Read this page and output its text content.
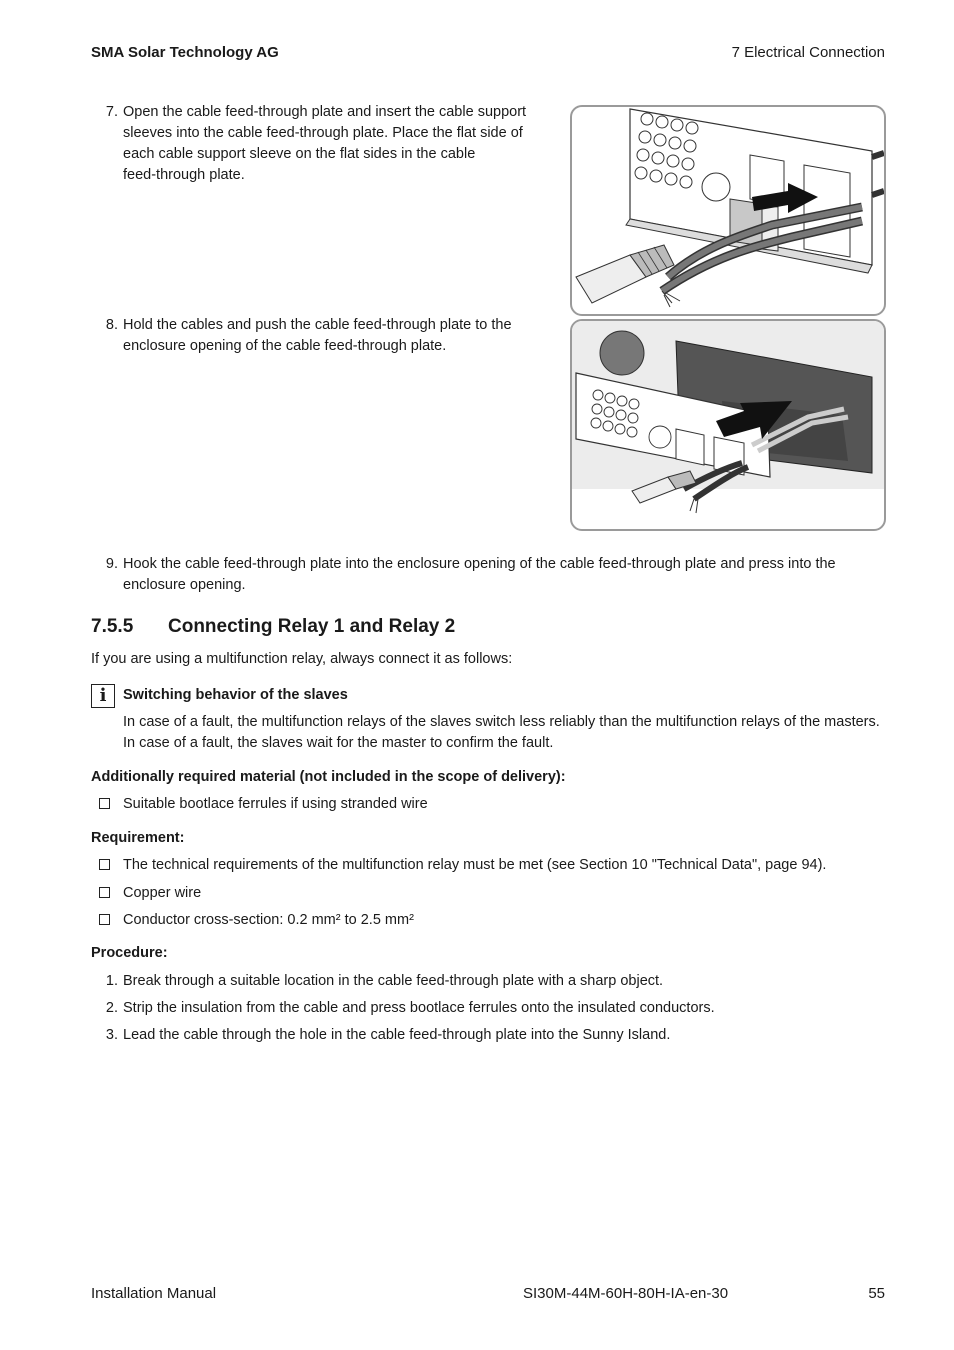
SMA Solar Technology AG	7 Electrical Connection
7. Open the cable feed-through plate and insert the cable support
sleeves into the cable feed-through plate. Place the flat side of
each cable support sleeve on the flat sides in the cable
feed-through plate.
8. Hold the cables and push the cable feed-through plate to the
enclosure opening of the cable feed-through plate.
9. Hook the cable feed-through plate into the enclosure opening of the cable feed-through plate and press into the
enclosure opening.
7.5.5 Connecting Relay 1 and Relay 2
If you are using a multifunction relay, always connect it as follows:
i	Switching behavior of the slaves
In case of a fault, the multifunction relays of the slaves switch less reliably than the multifunction relays of the masters.
In case of a fault, the slaves wait for the master to confirm the fault.
Additionally required material (not included in the scope of delivery):
Suitable bootlace ferrules if using stranded wire
Requirement:
The technical requirements of the multifunction relay must be met (see Section 10 "Technical Data", page 94).
Copper wire
Conductor cross-section: 0.2 mm² to 2.5 mm²
Procedure:
1. Break through a suitable location in the cable feed-through plate with a sharp object.
2. Strip the insulation from the cable and press bootlace ferrules onto the insulated conductors.
3. Lead the cable through the hole in the cable feed-through plate into the Sunny Island.
Installation Manual	SI30M-44M-60H-80H-IA-en-30	55
